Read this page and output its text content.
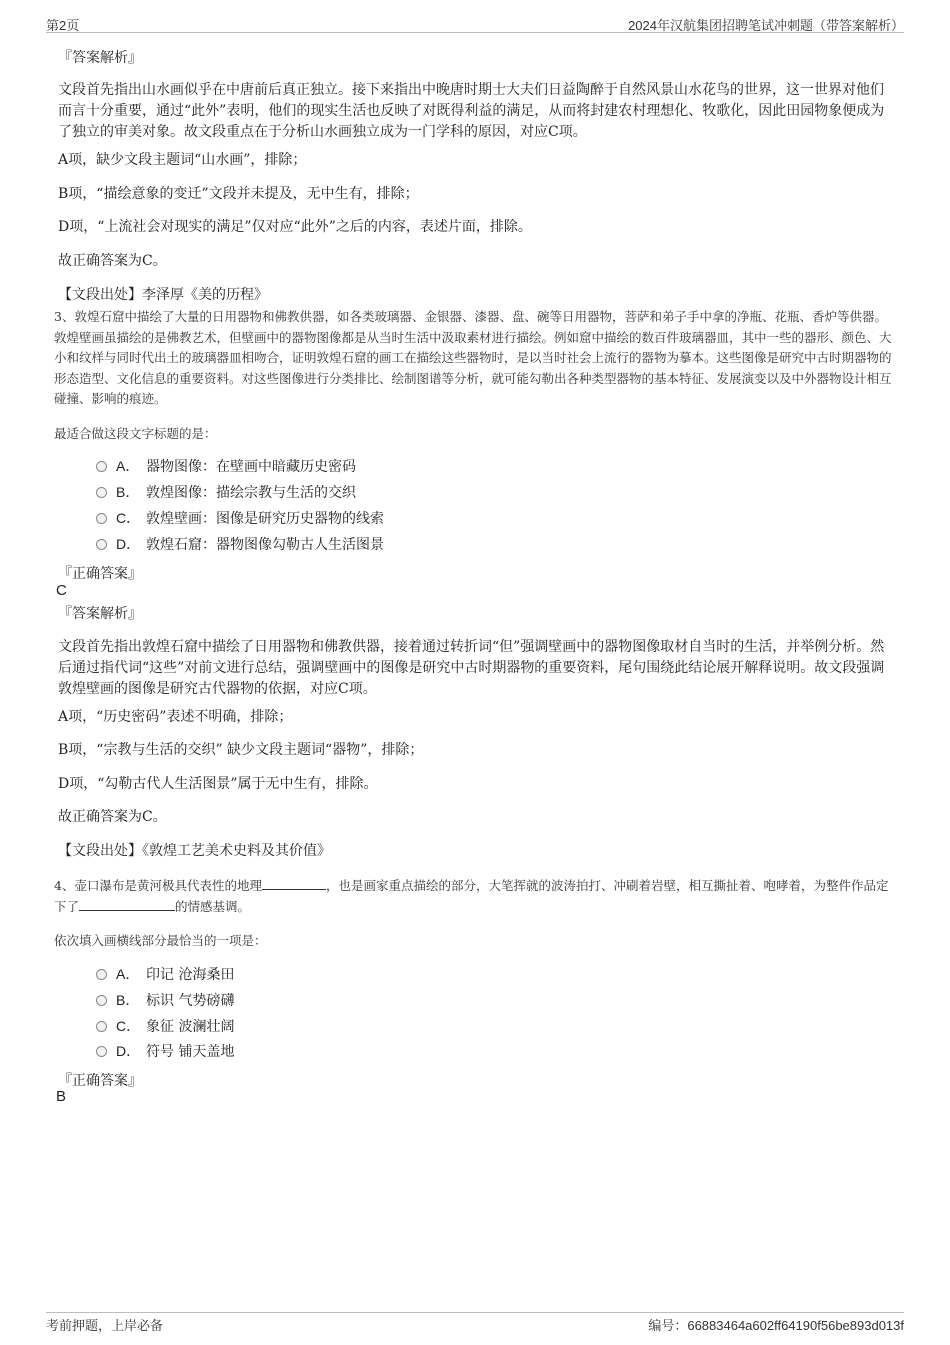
第2页	2024年汉航集团招聘笔试冲刺题（带答案解析）
『答案解析』
文段首先指出山水画似乎在中唐前后真正独立。接下来指出中晚唐时期士大夫们日益陶醉于自然风景山水花鸟的世界，这一世界对他们而言十分重要，通过“此外”表明，他们的现实生活也反映了对既得利益的满足，从而将封建农村理想化、牧歌化，因此田园物象便成为了独立的审美对象。故文段重点在于分析山水画独立成为一门学科的原因，对应C项。
A项，缺少文段主题词“山水画”，排除；
B项，“描绘意象的变迁”文段并未提及，无中生有，排除；
D项，“上流社会对现实的满足”仅对应“此外”之后的内容，表述片面，排除。
故正确答案为C。
【文段出处】李泽厚《美的历程》
3、敦煌石窟中描绘了大量的日用器物和佛教供器，如各类玻璃器、金银器、漆器、盘、碗等日用器物，菩萨和弟子手中拿的净瓶、花瓶、香炉等供器。敦煌壁画虽描绘的是佛教艺术，但壁画中的器物图像都是从当时生活中汲取素材进行描绘。例如窟中描绘的数百件玻璃器皿，其中一些的器形、颜色、大小和纹样与同时代出土的玻璃器皿相吻合，证明敦煌石窟的画工在描绘这些器物时，是以当时社会上流行的器物为摹本。这些图像是研究中古时期器物的形态造型、文化信息的重要资料。对这些图像进行分类排比、绘制图谱等分析，就可能勾勒出各种类型器物的基本特征、发展演变以及中外器物设计相互碰撞、影响的痕迹。
最适合做这段文字标题的是：
A． 器物图像：在壁画中暗藏历史密码
B． 敦煌图像：描绘宗教与生活的交织
C． 敦煌壁画：图像是研究历史器物的线索
D． 敦煌石窟：器物图像勾勒古人生活图景
『正确答案』
C
『答案解析』
文段首先指出敦煌石窟中描绘了日用器物和佛教供器，接着通过转折词“但”强调壁画中的器物图像取材自当时的生活，并举例分析。然后通过指代词“这些”对前文进行总结，强调壁画中的图像是研究中古时期器物的重要资料，尾句围绕此结论展开解释说明。故文段强调敦煌壁画的图像是研究古代器物的依据，对应C项。
A项，“历史密码”表述不明确，排除；
B项，“宗教与生活的交织” 缺少文段主题词“器物”，排除；
D项，“勾勒古代人生活图景”属于无中生有，排除。
故正确答案为C。
【文段出处】《敦煌工艺美术史料及其价值》
4、壶口瀑布是黄河极具代表性的地理	，也是画家重点描绘的部分，大笔挥就的波涛拍打、冲刷着岩壁，相互撕扯着、咆哮着，为整件作品定下了	的情感基调。
依次填入画横线部分最恰当的一项是：
A． 印记 沧海桑田
B． 标识 气势磅礴
C． 象征 波澜壮阔
D． 符号 铺天盖地
『正确答案』
B
考前押题，上岸必备	编号：66883464a602ff64190f56be893d013f
